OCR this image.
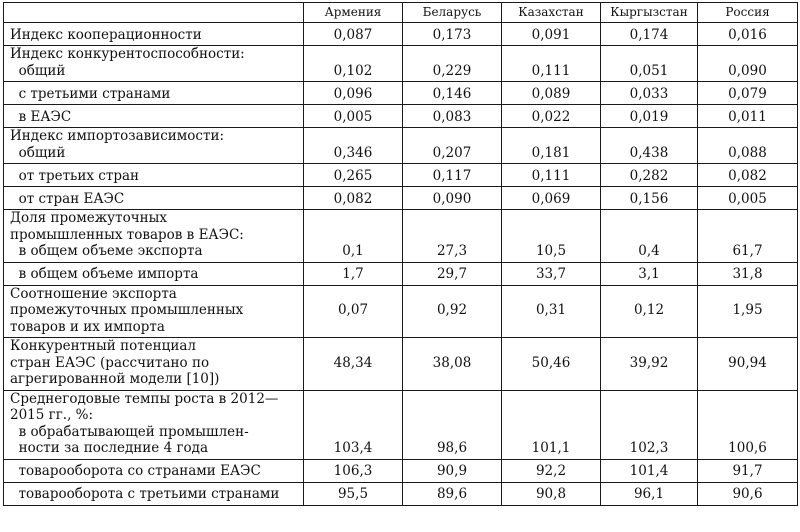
	Армения	Беларусь	Казахстан	Кыргызстан	Россия
Индекс кооперационности	0,087	0,173	0,091	0,174	0,016
Индекс конкурентоспособности:
общий	0,102	0,229	0,111	0,051	0,090
с третьими странами	0,096	0,146	0,089	0,033	0,079
в ЕАЭС	0,005	0,083	0,022	0,019	0,011
Индекс импортозависимости:
общий	0,346	0,207	0,181	0,438	0,088
от третьих стран	0,265	0,117	0,111	0,282	0,082
от стран ЕАЭС	0,082	0,090	0,069	0,156	0,005
Доля промежуточных
промышленных товаров в ЕАЭС:
в общем объеме экспорта	0,1	27,3	10,5	0,4	61,7
в общем объеме импорта	1,7	29,7	33,7	3,1	31,8
Соотношение экспорта
промежуточных промышленных
товаров и их импорта	0,07	0,92	0,31	0,12	1,95
Конкурентный потенциал
стран ЕАЭС (рассчитано по
агрегированной модели [10])	48,34	38,08	50,46	39,92	90,94
Среднегодовые темпы роста в 2012—
2015 гг., %:
в обрабатывающей промышлен-
ности за последние 4 года	103,4	98,6	101,1	102,3	100,6
товарооборота со странами ЕАЭС	106,3	90,9	92,2	101,4	91,7
товарооборота с третьими странами	95,5	89,6	90,8	96,1	90,6
